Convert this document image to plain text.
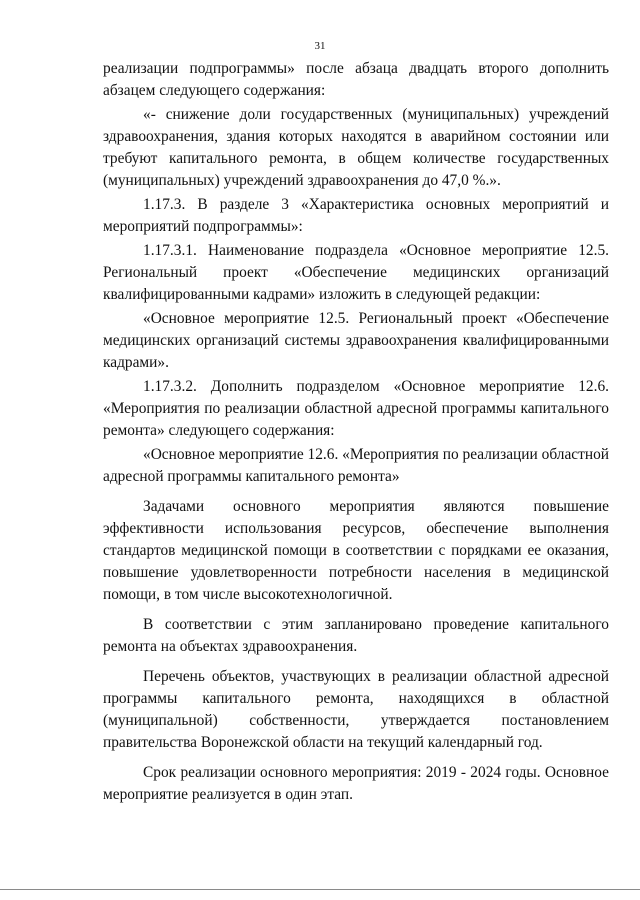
31

реализации подпрограммы» после абзаца двадцать второго дополнить абзацем следующего содержания:

«- снижение доли государственных (муниципальных) учреждений здравоохранения, здания которых находятся в аварийном состоянии или требуют капитального ремонта, в общем количестве государственных (муниципальных) учреждений здравоохранения до 47,0 %.».

1.17.3. В разделе 3 «Характеристика основных мероприятий и мероприятий подпрограммы»:

1.17.3.1. Наименование подраздела «Основное мероприятие 12.5. Региональный проект «Обеспечение медицинских организаций квалифицированными кадрами» изложить в следующей редакции:

«Основное мероприятие 12.5. Региональный проект «Обеспечение медицинских организаций системы здравоохранения квалифицированными кадрами».

1.17.3.2. Дополнить подразделом «Основное мероприятие 12.6. «Мероприятия по реализации областной адресной программы капитального ремонта» следующего содержания:

«Основное мероприятие 12.6. «Мероприятия по реализации областной адресной программы капитального ремонта»

Задачами основного мероприятия являются повышение эффективности использования ресурсов, обеспечение выполнения стандартов медицинской помощи в соответствии с порядками ее оказания, повышение удовлетворенности потребности населения в медицинской помощи, в том числе высокотехнологичной.

В соответствии с этим запланировано проведение капитального ремонта на объектах здравоохранения.

Перечень объектов, участвующих в реализации областной адресной программы капитального ремонта, находящихся в областной (муниципальной) собственности, утверждается постановлением правительства Воронежской области на текущий календарный год.

Срок реализации основного мероприятия: 2019 - 2024 годы. Основное мероприятие реализуется в один этап.
